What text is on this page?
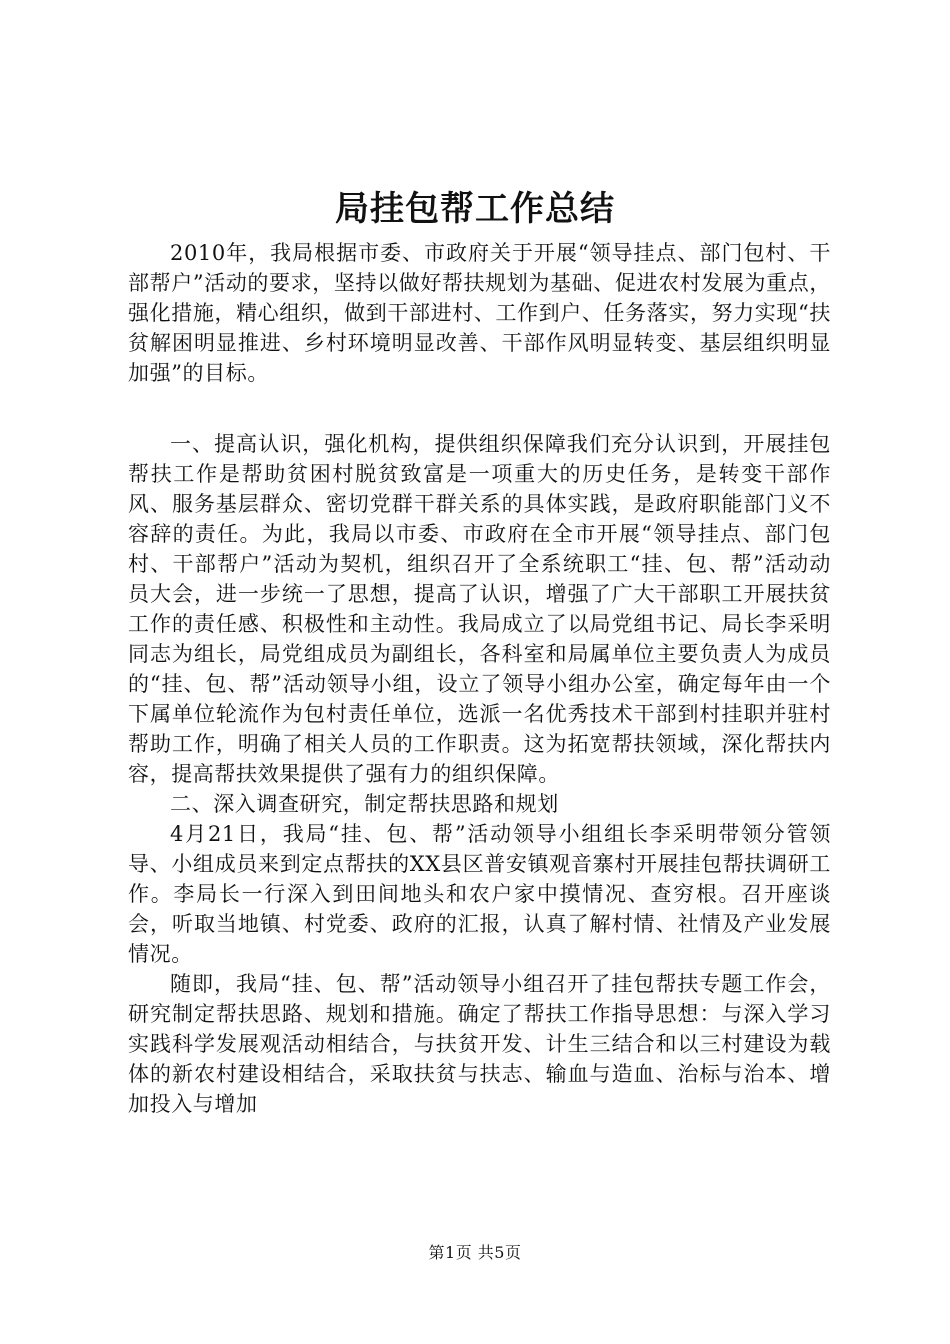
局挂包帮工作总结

2010年，我局根据市委、市政府关于开展“领导挂点、部门包村、干部帮户”活动的要求，坚持以做好帮扶规划为基础、促进农村发展为重点，强化措施，精心组织，做到干部进村、工作到户、任务落实，努力实现“扶贫解困明显推进、乡村环境明显改善、干部作风明显转变、基层组织明显加强”的目标。

一、提高认识，强化机构，提供组织保障我们充分认识到，开展挂包帮扶工作是帮助贫困村脱贫致富是一项重大的历史任务，是转变干部作风、服务基层群众、密切党群干群关系的具体实践，是政府职能部门义不容辞的责任。为此，我局以市委、市政府在全市开展“领导挂点、部门包村、干部帮户”活动为契机，组织召开了全系统职工“挂、包、帮”活动动员大会，进一步统一了思想，提高了认识，增强了广大干部职工开展扶贫工作的责任感、积极性和主动性。我局成立了以局党组书记、局长李采明同志为组长，局党组成员为副组长，各科室和局属单位主要负责人为成员的“挂、包、帮”活动领导小组，设立了领导小组办公室，确定每年由一个下属单位轮流作为包村责任单位，选派一名优秀技术干部到村挂职并驻村帮助工作，明确了相关人员的工作职责。这为拓宽帮扶领域，深化帮扶内容，提高帮扶效果提供了强有力的组织保障。

二、深入调查研究，制定帮扶思路和规划

4月21日，我局“挂、包、帮”活动领导小组组长李采明带领分管领导、小组成员来到定点帮扶的XX县区普安镇观音寨村开展挂包帮扶调研工作。李局长一行深入到田间地头和农户家中摸情况、查穷根。召开座谈会，听取当地镇、村党委、政府的汇报，认真了解村情、社情及产业发展情况。

随即，我局“挂、包、帮”活动领导小组召开了挂包帮扶专题工作会，研究制定帮扶思路、规划和措施。确定了帮扶工作指导思想：与深入学习实践科学发展观活动相结合，与扶贫开发、计生三结合和以三村建设为载体的新农村建设相结合，采取扶贫与扶志、输血与造血、治标与治本、增加投入与增加

第1页 共5页
